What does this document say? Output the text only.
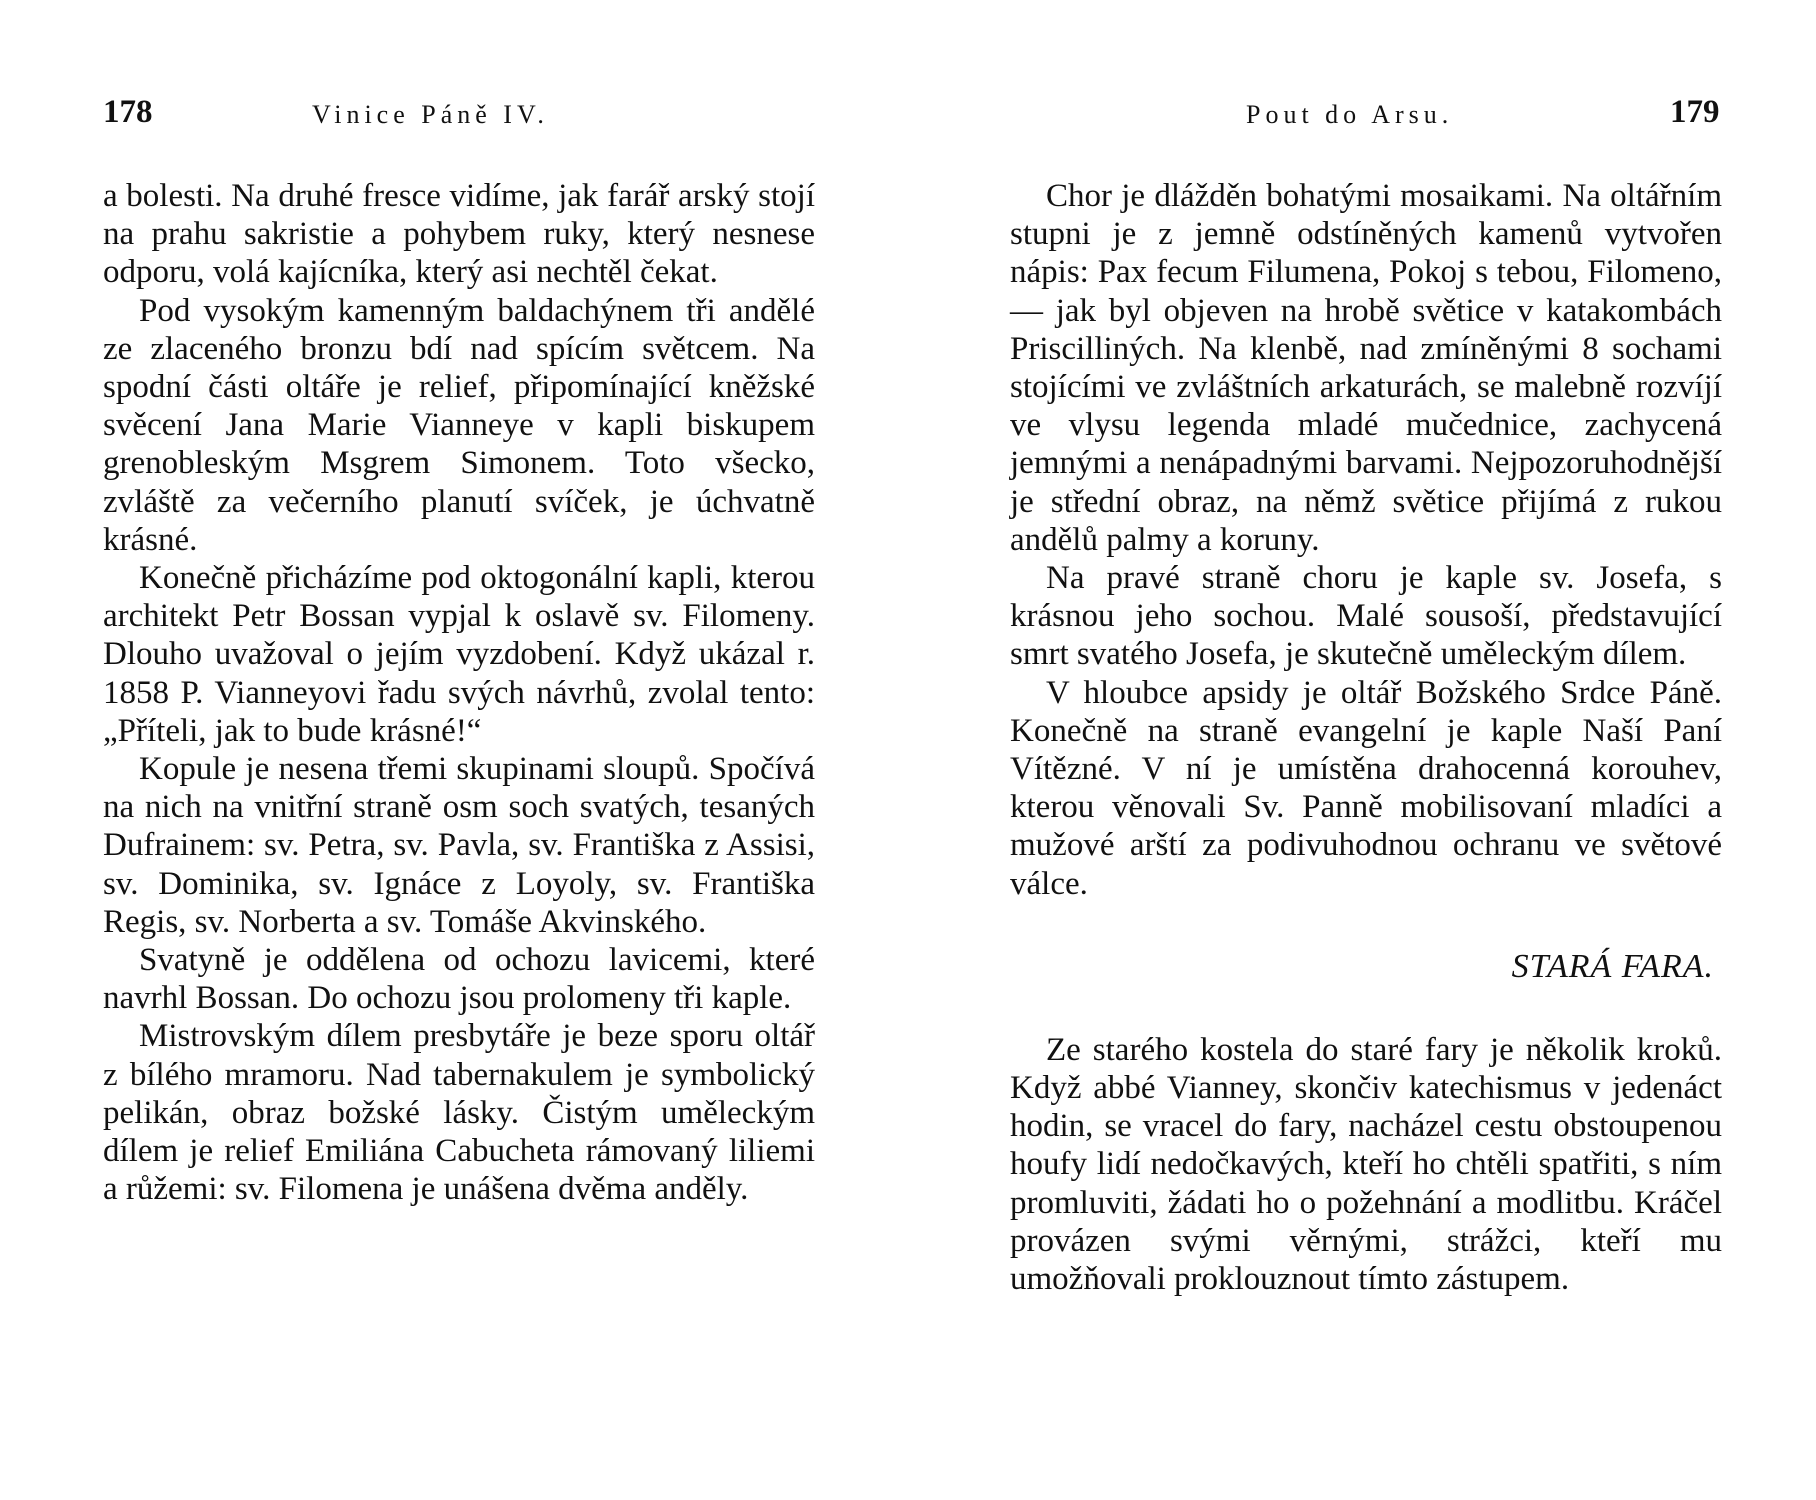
178	Vinice Páně IV.

a bolesti. Na druhé fresce vidíme, jak farář arský stojí na prahu sakristie a pohybem ruky, který nesnese odporu, volá kajícníka, který asi nechtěl čekat.

Pod vysokým kamenným baldachýnem tři andělé ze zlaceného bronzu bdí nad spícím světcem. Na spodní části oltáře je relief, připomínající kněžské svěcení Jana Marie Vianneye v kapli biskupem grenobleským Msgrem Simonem. Toto všecko, zvláště za večerního planutí svíček, je úchvatně krásné.

Konečně přicházíme pod oktogonální kapli, kterou architekt Petr Bossan vypjal k oslavě sv. Filomeny. Dlouho uvažoval o jejím vyzdobení. Když ukázal r. 1858 P. Vianneyovi řadu svých návrhů, zvolal tento: „Příteli, jak to bude krásné!“

Kopule je nesena třemi skupinami sloupů. Spočívá na nich na vnitřní straně osm soch svatých, tesaných Dufrainem: sv. Petra, sv. Pavla, sv. Františka z Assisi, sv. Dominika, sv. Ignáce z Loyoly, sv. Františka Regis, sv. Norberta a sv. Tomáše Akvinského.

Svatyně je oddělena od ochozu lavicemi, které navrhl Bossan. Do ochozu jsou prolomeny tři kaple.

Mistrovským dílem presbytáře je beze sporu oltář z bílého mramoru. Nad tabernakulem je symbolický pelikán, obraz božské lásky. Čistým uměleckým dílem je relief Emiliána Cabucheta rámovaný liliemi a růžemi: sv. Filomena je unášena dvěma anděly.

Pout do Arsu.	179

Chor je dlážděn bohatými mosaikami. Na oltářním stupni je z jemně odstíněných kamenů vytvořen nápis: Pax fecum Filumena, Pokoj s tebou, Filomeno, — jak byl objeven na hrobě světice v katakombách Priscilliných. Na klenbě, nad zmíněnými 8 sochami stojícími ve zvláštních arkaturách, se malebně rozvíjí ve vlysu legenda mladé mučednice, zachycená jemnými a nenápadnými barvami. Nejpozoruhodnější je střední obraz, na němž světice přijímá z rukou andělů palmy a koruny.

Na pravé straně choru je kaple sv. Josefa, s krásnou jeho sochou. Malé sousoší, představující smrt svatého Josefa, je skutečně uměleckým dílem.

V hloubce apsidy je oltář Božského Srdce Páně. Konečně na straně evangelní je kaple Naší Paní Vítězné. V ní je umístěna drahocenná korouhev, kterou věnovali Sv. Panně mobilisovaní mladíci a mužové arští za podivuhodnou ochranu ve světové válce.

STARÁ FARA.

Ze starého kostela do staré fary je několik kroků. Když abbé Vianney, skončiv katechismus v jedenáct hodin, se vracel do fary, nacházel cestu obstoupenou houfy lidí nedočkavých, kteří ho chtěli spatřiti, s ním promluviti, žádati ho o požehnání a modlitbu. Kráčel provázen svými věrnými, strážci, kteří mu umožňovali proklouznout tímto zástupem.
